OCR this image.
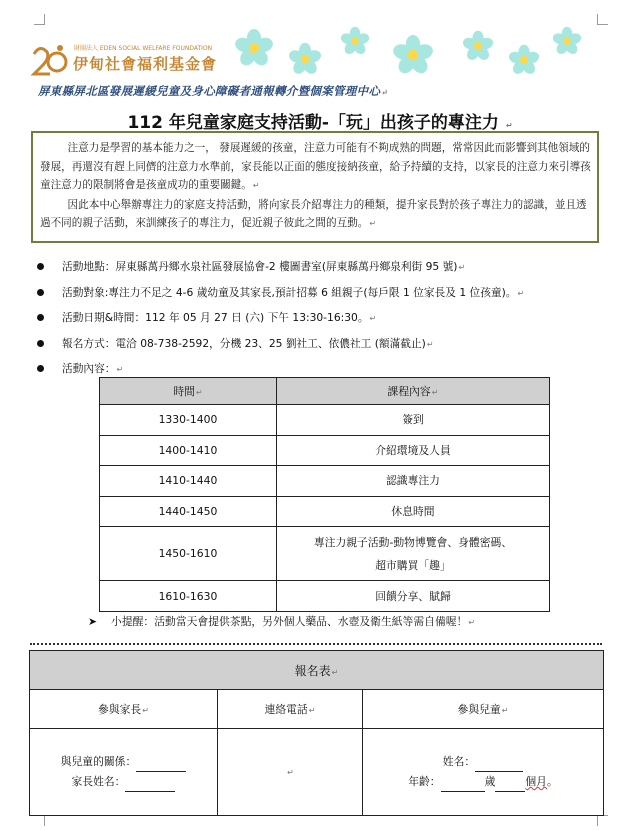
財團法人 EDEN SOCIAL WELFARE FOUNDATION
伊甸社會福利基金會
屏東縣屏北區發展遲緩兒童及身心障礙者通報轉介暨個案管理中心↵
112 年兒童家庭支持活動-「玩」出孩子的專注力 ↵

注意力是學習的基本能力之一， 發展遲緩的孩童，注意力可能有不夠成熟的問題，常常因此而影響到其他領域的發展，再還沒有趕上同儕的注意力水準前，家長能以正面的態度接納孩童，給予持續的支持，以家長的注意力來引導孩童注意力的限制將會是孩童成功的重要關鍵。↵

因此本中心舉辦專注力的家庭支持活動，將向家長介紹專注力的種類，提升家長對於孩子專注力的認識，並且透過不同的親子活動，來訓練孩子的專注力，促近親子彼此之間的互動。↵

活動地點：屏東縣萬丹鄉水泉社區發展協會-2 樓圖書室(屏東縣萬丹鄉泉利街 95 號)↵
活動對象:專注力不足之 4-6 歲幼童及其家長,預計招募 6 組親子(每戶限 1 位家長及 1 位孩童)。↵
活動日期&時間：112 年 05 月 27 日 (六) 下午 13:30-16:30。↵
報名方式：電洽 08-738-2592，分機 23、25 劉社工、依儂社工 (額滿截止)↵
活動內容：↵
時間↵	課程內容↵
1330-1400	簽到
1400-1410	介紹環境及人員
1410-1440	認識專注力
1440-1450	休息時間
1450-1610	專注力親子活動-動物博覽會、身體密碼、
超市購買「趣」
1610-1630	回饋分享、賦歸
➤ 小提醒：活動當天會提供茶點，另外個人藥品、水壺及衛生紙等需自備喔！↵
報名表↵		
參與家長↵	連絡電話↵	參與兒童↵
與兒童的關係：
家長姓名：	↵	姓名：
年齡： 歲 個月。
